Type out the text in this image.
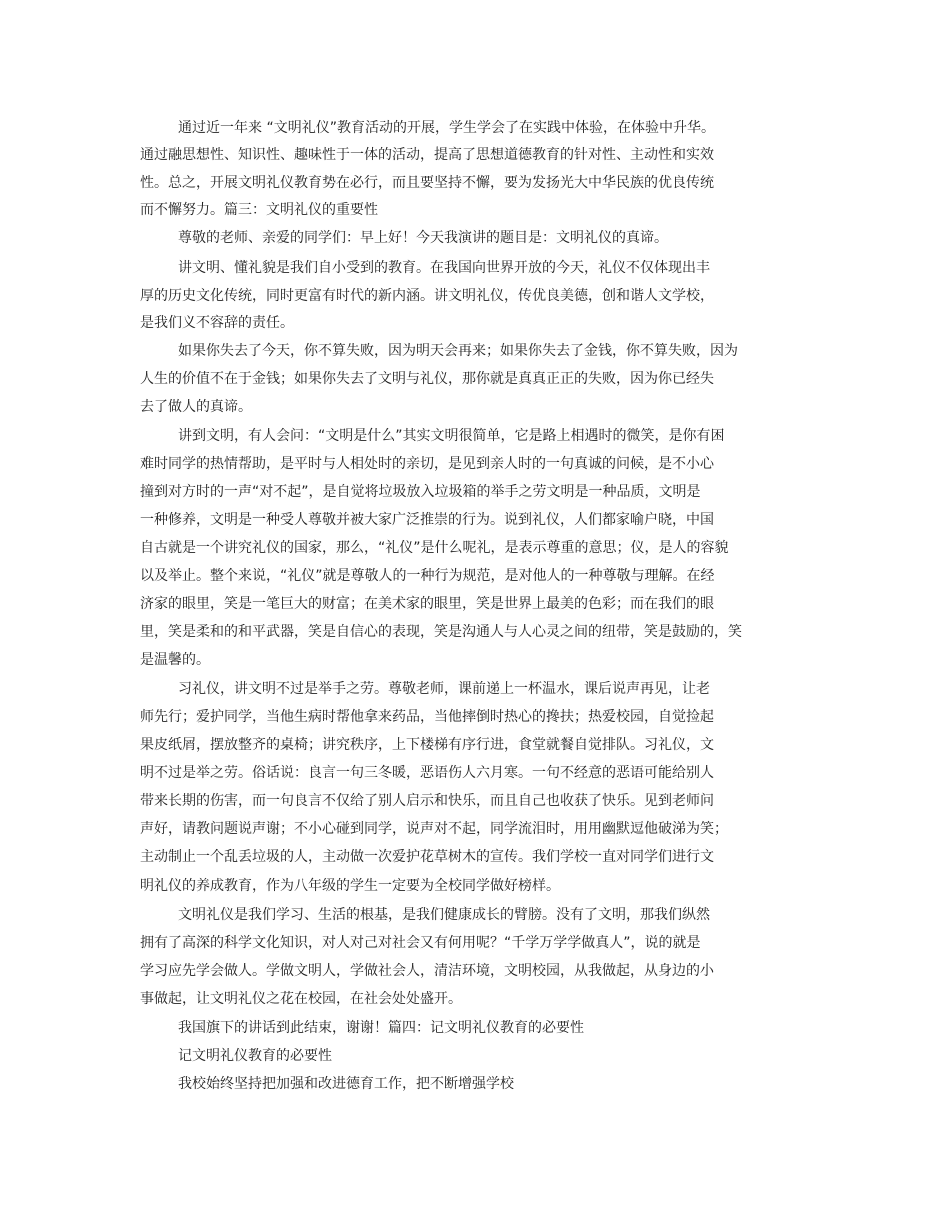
通过近一年来 “文明礼仪”教育活动的开展，学生学会了在实践中体验，在体验中升华。
通过融思想性、知识性、趣味性于一体的活动，提高了思想道德教育的针对性、主动性和实效
性。总之，开展文明礼仪教育势在必行，而且要坚持不懈，要为发扬光大中华民族的优良传统
而不懈努力。篇三：文明礼仪的重要性
尊敬的老师、亲爱的同学们：早上好！今天我演讲的题目是：文明礼仪的真谛。
讲文明、懂礼貌是我们自小受到的教育。在我国向世界开放的今天，礼仪不仅体现出丰
厚的历史文化传统，同时更富有时代的新内涵。讲文明礼仪，传优良美德，创和谐人文学校，
是我们义不容辞的责任。
如果你失去了今天，你不算失败，因为明天会再来；如果你失去了金钱，你不算失败，因为
人生的价值不在于金钱；如果你失去了文明与礼仪，那你就是真真正正的失败，因为你已经失
去了做人的真谛。
讲到文明，有人会问：“文明是什么”其实文明很简单，它是路上相遇时的微笑，是你有困
难时同学的热情帮助，是平时与人相处时的亲切，是见到亲人时的一句真诚的问候，是不小心
撞到对方时的一声“对不起”，是自觉将垃圾放入垃圾箱的举手之劳文明是一种品质，文明是
一种修养，文明是一种受人尊敬并被大家广泛推崇的行为。说到礼仪，人们都家喻户晓，中国
自古就是一个讲究礼仪的国家，那么，“礼仪”是什么呢礼，是表示尊重的意思；仪，是人的容貌
以及举止。整个来说，“礼仪”就是尊敬人的一种行为规范，是对他人的一种尊敬与理解。在经
济家的眼里，笑是一笔巨大的财富；在美术家的眼里，笑是世界上最美的色彩；而在我们的眼
里，笑是柔和的和平武器，笑是自信心的表现，笑是沟通人与人心灵之间的纽带，笑是鼓励的，笑
是温馨的。
习礼仪，讲文明不过是举手之劳。尊敬老师，课前递上一杯温水，课后说声再见，让老
师先行；爱护同学，当他生病时帮他拿来药品，当他摔倒时热心的搀扶；热爱校园，自觉捡起
果皮纸屑，摆放整齐的桌椅；讲究秩序，上下楼梯有序行进，食堂就餐自觉排队。习礼仪，文
明不过是举之劳。俗话说：良言一句三冬暖，恶语伤人六月寒。一句不经意的恶语可能给别人
带来长期的伤害，而一句良言不仅给了别人启示和快乐，而且自己也收获了快乐。见到老师问
声好，请教问题说声谢；不小心碰到同学，说声对不起，同学流泪时，用用幽默逗他破涕为笑；
主动制止一个乱丢垃圾的人，主动做一次爱护花草树木的宣传。我们学校一直对同学们进行文
明礼仪的养成教育，作为八年级的学生一定要为全校同学做好榜样。
文明礼仪是我们学习、生活的根基，是我们健康成长的臂膀。没有了文明，那我们纵然
拥有了高深的科学文化知识，对人对己对社会又有何用呢？“千学万学学做真人”，说的就是
学习应先学会做人。学做文明人，学做社会人，清洁环境，文明校园，从我做起，从身边的小
事做起，让文明礼仪之花在校园，在社会处处盛开。
我国旗下的讲话到此结束，谢谢！篇四：记文明礼仪教育的必要性
记文明礼仪教育的必要性
我校始终坚持把加强和改进德育工作，把不断增强学校
